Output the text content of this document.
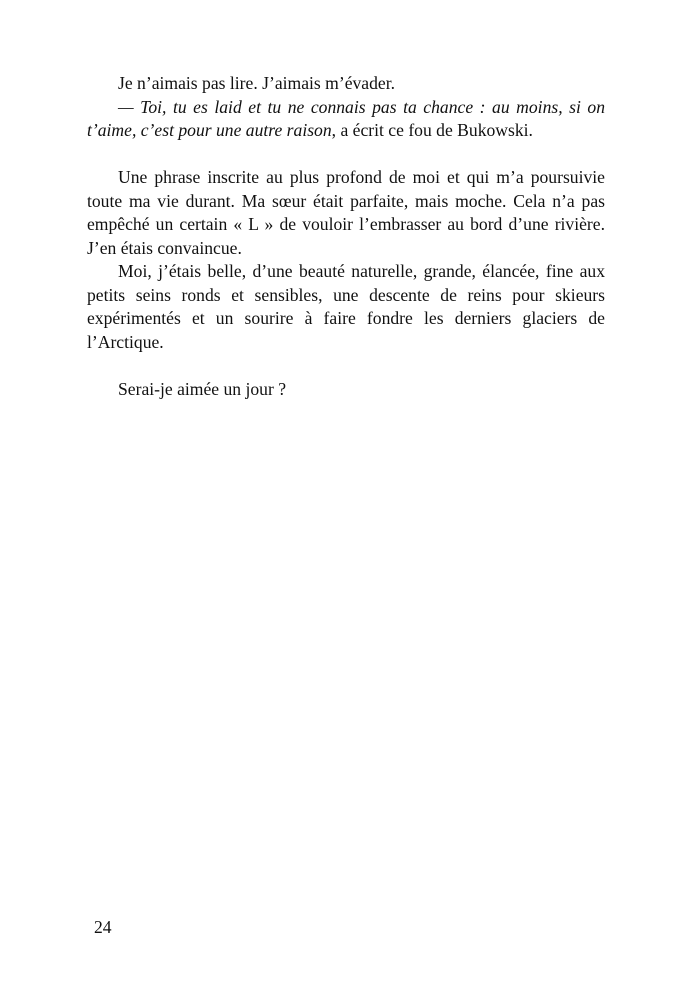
Je n’aimais pas lire. J’aimais m’évader.

— Toi, tu es laid et tu ne connais pas ta chance : au moins, si on t’aime, c’est pour une autre raison, a écrit ce fou de Bukowski.

Une phrase inscrite au plus profond de moi et qui m’a poursuivie toute ma vie durant. Ma sœur était parfaite, mais moche. Cela n’a pas empêché un certain « L » de vouloir l’embrasser au bord d’une rivière. J’en étais convaincue.

Moi, j’étais belle, d’une beauté naturelle, grande, élancée, fine aux petits seins ronds et sensibles, une descente de reins pour skieurs expérimentés et un sourire à faire fondre les derniers glaciers de l’Arctique.

Serai-je aimée un jour ?

24
